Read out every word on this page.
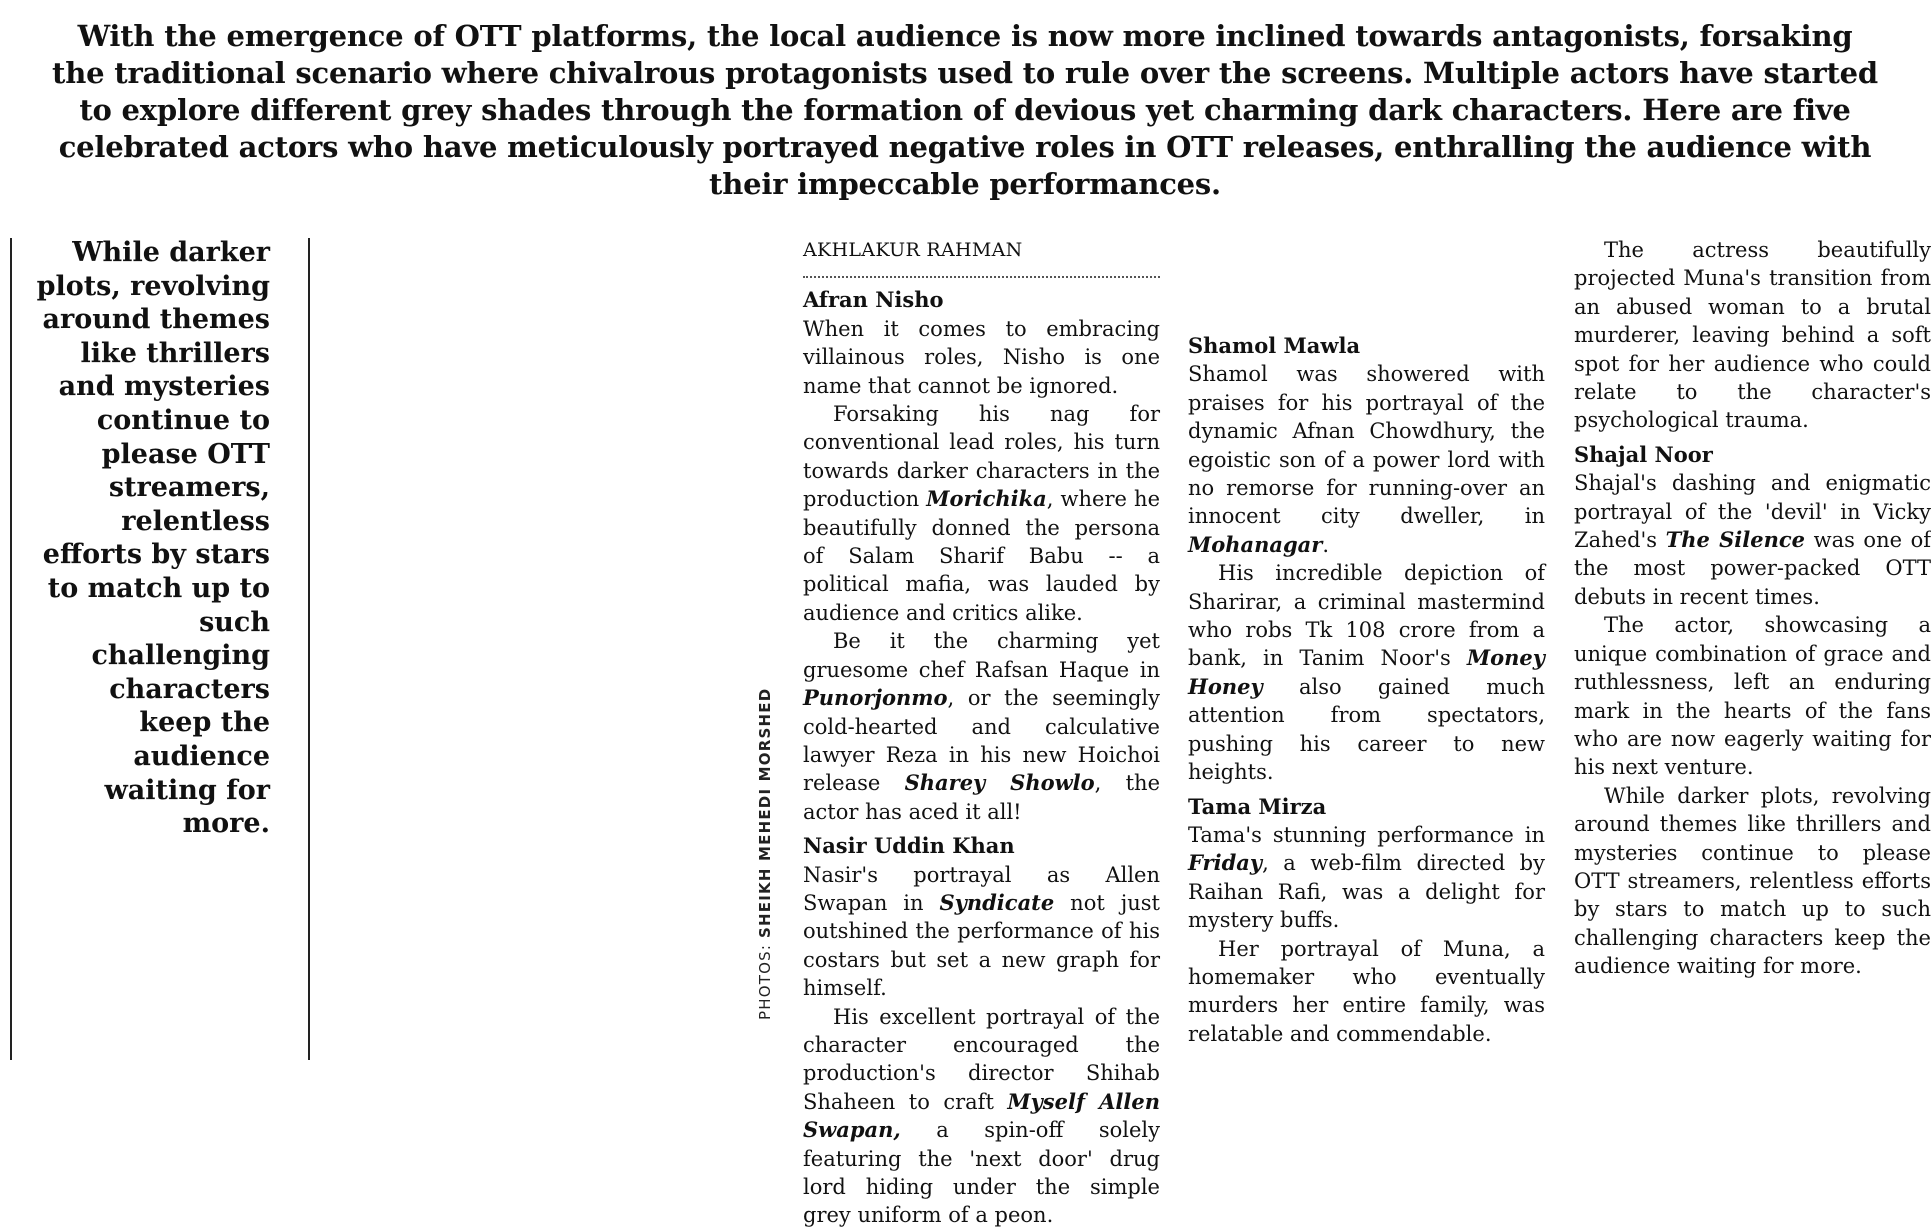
With the emergence of OTT platforms, the local audience is now more inclined towards antagonists, forsaking the traditional scenario where chivalrous protagonists used to rule over the screens. Multiple actors have started to explore different grey shades through the formation of devious yet charming dark characters. Here are five celebrated actors who have meticulously portrayed negative roles in OTT releases, enthralling the audience with their impeccable performances.
While darker plots, revolving around themes like thrillers and mysteries continue to please OTT streamers, relentless efforts by stars to match up to such challenging characters keep the audience waiting for more.
PHOTOS: SHEIKH MEHEDI MORSHED
AKHLAKUR RAHMAN
Afran Nisho

When it comes to embracing villainous roles, Nisho is one name that cannot be ignored.

Forsaking his nag for conventional lead roles, his turn towards darker characters in the production Morichika, where he beautifully donned the persona of Salam Sharif Babu -- a political mafia, was lauded by audience and critics alike.

Be it the charming yet gruesome chef Rafsan Haque in Punorjonmo, or the seemingly cold-hearted and calculative lawyer Reza in his new Hoichoi release Sharey Showlo, the actor has aced it all!

Nasir Uddin Khan

Nasir's portrayal as Allen Swapan in Syndicate not just outshined the performance of his costars but set a new graph for himself.

His excellent portrayal of the character encouraged the production's director Shihab Shaheen to craft Myself Allen Swapan, a spin-off solely featuring the 'next door' drug lord hiding under the simple grey uniform of a peon.

Shamol Mawla

Shamol was showered with praises for his portrayal of the dynamic Afnan Chowdhury, the egoistic son of a power lord with no remorse for running-over an innocent city dweller, in Mohanagar.

His incredible depiction of Sharirar, a criminal mastermind who robs Tk 108 crore from a bank, in Tanim Noor's Money Honey also gained much attention from spectators, pushing his career to new heights.

Tama Mirza

Tama's stunning performance in Friday, a web-film directed by Raihan Rafi, was a delight for mystery buffs.

Her portrayal of Muna, a homemaker who eventually murders her entire family, was relatable and commendable.

The actress beautifully projected Muna's transition from an abused woman to a brutal murderer, leaving behind a soft spot for her audience who could relate to the character's psychological trauma.

Shajal Noor

Shajal's dashing and enigmatic portrayal of the 'devil' in Vicky Zahed's The Silence was one of the most power-packed OTT debuts in recent times.

The actor, showcasing a unique combination of grace and ruthlessness, left an enduring mark in the hearts of the fans who are now eagerly waiting for his next venture.

While darker plots, revolving around themes like thrillers and mysteries continue to please OTT streamers, relentless efforts by stars to match up to such challenging characters keep the audience waiting for more.
